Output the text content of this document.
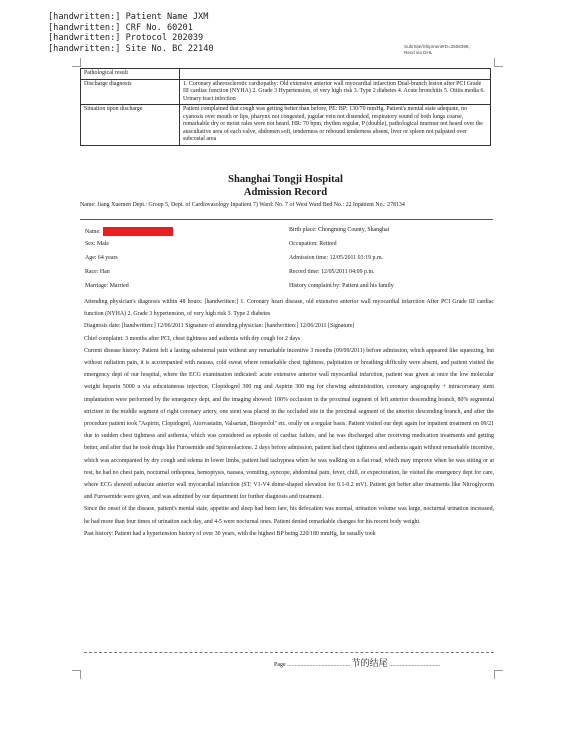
[handwritten:] Patient Name JXM
[handwritten:] CRF No. 60201
[handwritten:] Protocol 202039
[handwritten:] Site No. BC 22140	Sub/Site/Shipment#D=2508398,
Recd via DHL
Pathological result	
Discharge diagnosis	1. Coronary atherosclerotic cardiopathy: Old extensive anterior wall myocardial infarction Dual-branch lesion after PCI Grade III cardiac function (NYHA) 2. Grade 3 Hypertension, of very high risk 3. Type 2 diabetes 4. Acute bronchitis 5. Otitis media 6. Urinary tract infection
Situation upon discharge	Patient complained that cough was getting better than before, PE: BP: 130/70 mmHg. Patient's mental state adequate, no cyanosis over mouth or lips, pharynx not congested, jugular vein not distended, respiratory sound of both lungs coarse, remarkable dry or moist rales were not heard. HR: 70 bpm, rhythm regular, P (double), pathological murmur not heard over the auscultative area of each valve, abdomen soft, tenderness or rebound tenderness absent, liver or spleen not palpated over subcostal area
Shanghai Tongji Hospital
Admission Record
Name: Jiang Xuemen Dept.: Group 5, Dept. of Cardiovasology Inpatient 7) Ward: No. 7 of West Ward Bed No.: 22 Inpatient No.: 278134
Name:	Birth place: Chongming County, Shanghai
Sex: Male	Occupation: Retired
Age: 64 years	Admission time: 12/05/2011 03:19 p.m.
Race: Han	Record time: 12/05/2011 04:09 p.m.
Marriage: Married	History complaint by: Patient and his family

Attending physician's diagnosis within 48 hours: [handwritten:] 1. Coronary heart disease, old extensive anterior wall myocardial infarction After PCI Grade III cardiac function (NYHA) 2. Grade 3 hypertension, of very high risk 3. Type 2 diabetes

Diagnosis date: [handwritten:] 12/06/2011 Signature of attending physician: [handwritten:] 12/06/2011 [Signature]

Chief complaint: 3 months after PCI, chest tightness and asthenia with dry cough for 2 days

Current disease history: Patient felt a lasting substernal pain without any remarkable incentive 3 months (09/09/2011) before admission, which appeared like squeezing, but without radiation pain, it is accompanied with nausea, cold sweat where remarkable chest tightness, palpitation or breathing difficulty were absent, and patient visited the emergency dept of our hospital, where the ECG examination indicated: acute extensive anterior wall myocardial infarction, patient was given at once the low molecular weight heparin 5000 u via subcutaneous injection, Clopidogrel 300 mg and Aspirin 300 mg for chewing administration, coronary angiography + intracoronary stent implantation were performed by the emergency dept, and the imaging showed: 100% occlusion in the proximal segment of left anterior descending branch, 80% segmental stricture in the middle segment of right coronary artery, one stent was placed in the occluded site in the proximal segment of the anterior descending branch, and after the procedure patient took "Aspirin, Clopidogrel, Atorvastatin, Valsartan, Bisoprolol" etc. orally on a regular basis. Patient visited our dept again for inpatient treatment on 09/21 due to sudden chest tightness and asthenia, which was considered as episode of cardiac failure, and he was discharged after receiving medication treatments and getting better, and after that he took drugs like Furosemide and Spironolactone. 2 days before admission, patient had chest tightness and asthenia again without remarkable incentive, which was accompanied by dry cough and edema in lower limbs, patient had tachypnea when he was walking on a flat road, which may improve when he was sitting or at rest, he had no chest pain, nocturnal orthopnea, hemoptysis, nausea, vomiting, syncope, abdominal pain, fever, chill, or expectoration, he visited the emergency dept for care, where ECG showed subacute anterior wall myocardial infarction (ST: V1-V4 dome-shaped elevation for 0.1-0.2 mV). Patient got better after treatments like Nitroglycerin and Furosemide were given, and was admitted by our department for further diagnosis and treatment.

Since the onset of the disease, patient's mental state, appetite and sleep had been fare, his defecation was normal, urination volume was large, nocturnal urination increased, he had more than four times of urination each day, and 4-5 were nocturnal ones. Patient denied remarkable changes for his recent body weight.

Past history: Patient had a hypertension history of over 30 years, with the highest BP being 220/180 mmHg, he usually took

Page .......................................... 节的结尾 ..................................
